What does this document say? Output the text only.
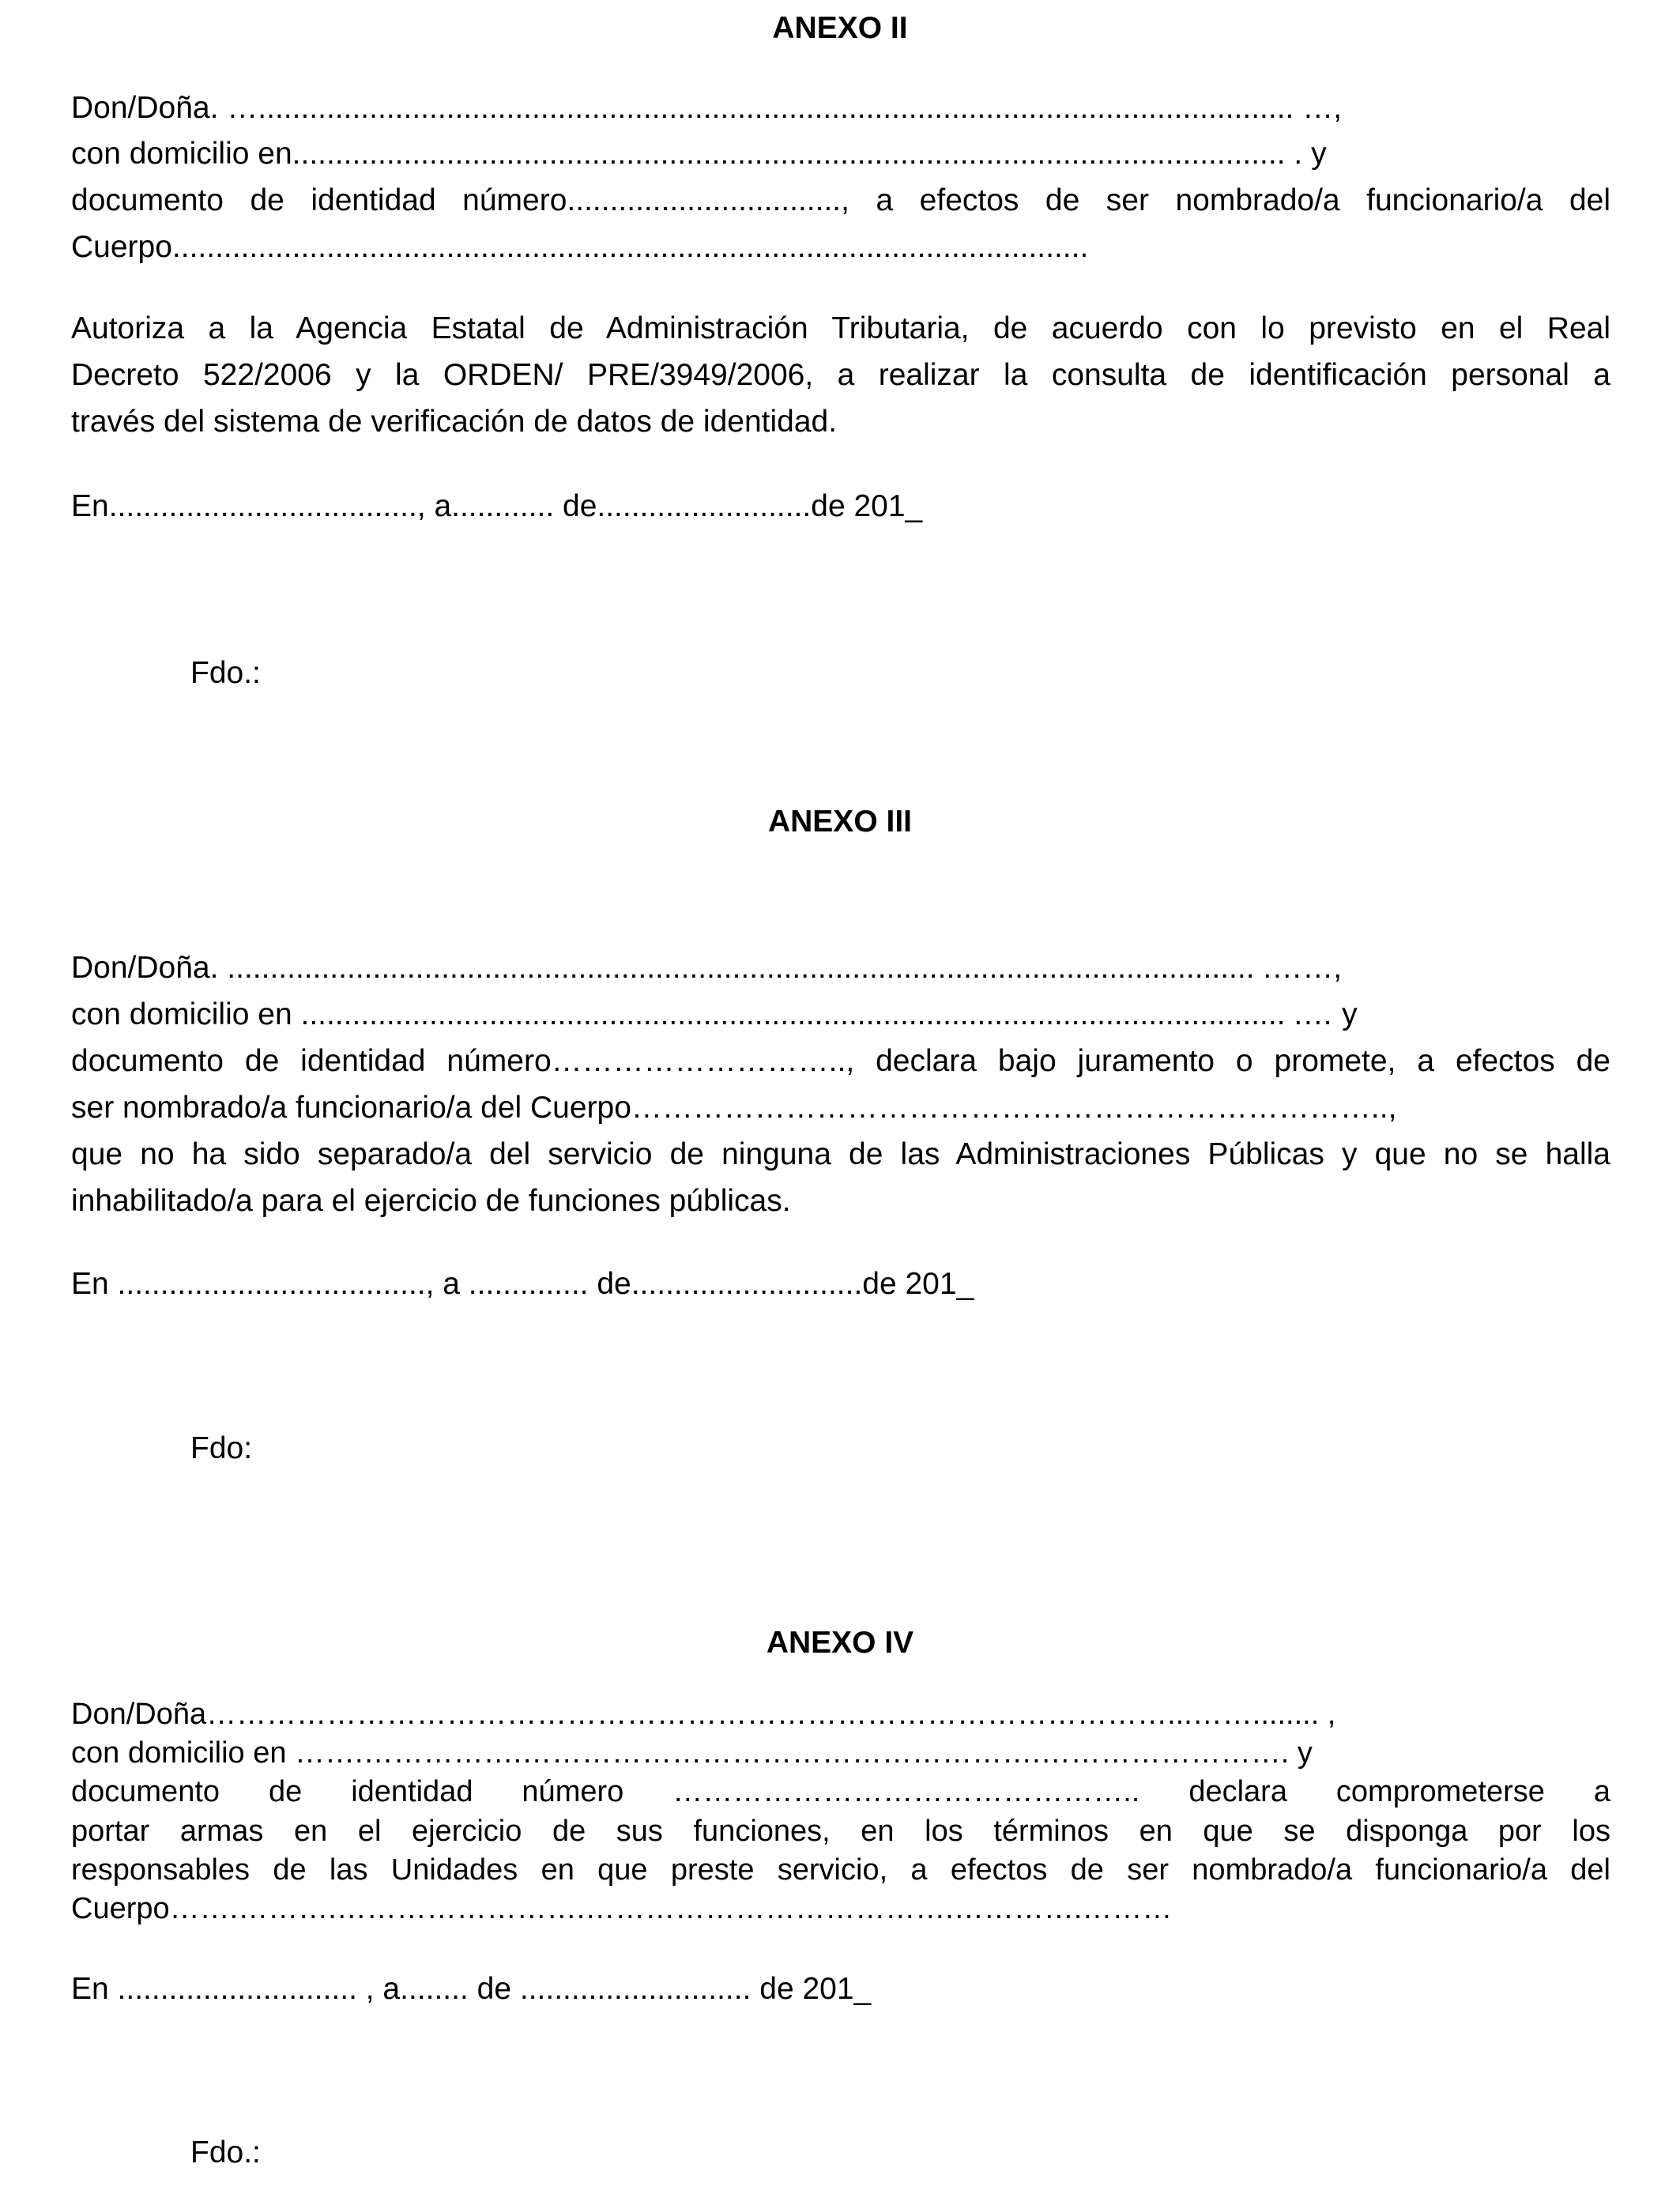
ANEXO II
Don/Doña. …......................................................................................................................... …,
con domicilio en.................................................................................................................... . y
documento de identidad número................................, a efectos de ser nombrado/a funcionario/a del
Cuerpo...........................................................................................................
Autoriza a la Agencia Estatal de Administración Tributaria, de acuerdo con lo previsto en el Real
Decreto 522/2006 y la ORDEN/ PRE/3949/2006, a realizar la consulta de identificación personal a
través del sistema de verificación de datos de identidad.
En...................................., a............ de.........................de 201_
Fdo.:
ANEXO III
Don/Doña. ........................................................................................................................ .……,
con domicilio en ................................................................................................................... .… y
documento de identidad número……………………….., declara bajo juramento o promete, a efectos de
ser nombrado/a funcionario/a del Cuerpo………………………………………………………………..,
que no ha sido separado/a del servicio de ninguna de las Administraciones Públicas y que no se halla
inhabilitado/a para el ejercicio de funciones públicas.
En ...................................., a .............. de...........................de 201_
Fdo:
ANEXO IV
Don/Doña……………………………………………………………………………………...……........ ,
con domicilio en …….…………….…………………………………………….……………………. y
documento de identidad número ……………………………………….. declara comprometerse a
portar armas en el ejercicio de sus funciones, en los términos en que se disponga por los
responsables de las Unidades en que preste servicio, a efectos de ser nombrado/a funcionario/a del
Cuerpo…….……….…………………….……………………………….………….………
En ............................ , a........ de ........................... de 201_
Fdo.:
